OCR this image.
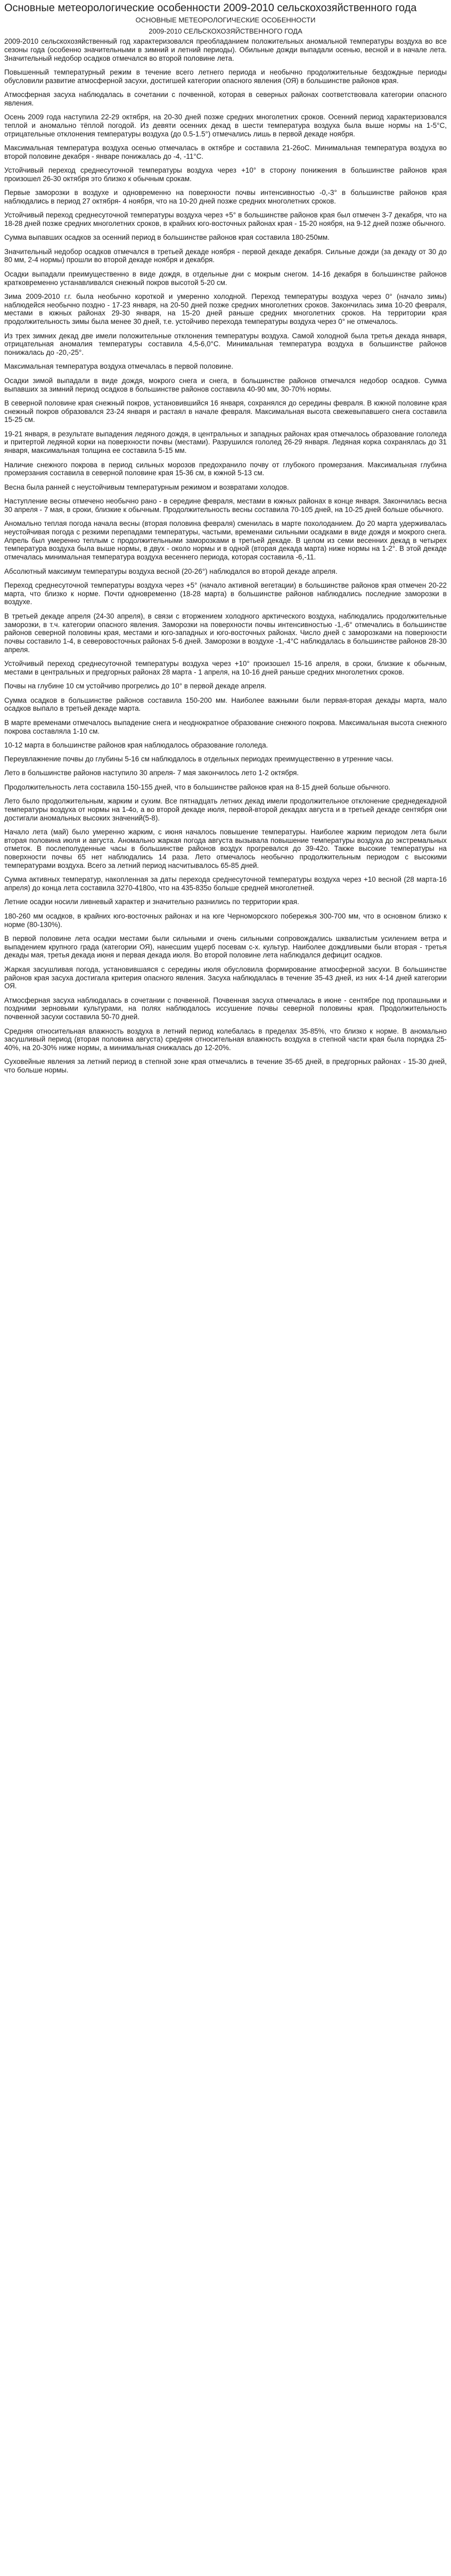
Основные метеорологические особенности 2009-2010 сельскохозяйственного года
ОСНОВНЫЕ МЕТЕОРОЛОГИЧЕСКИЕ ОСОБЕННОСТИ
2009-2010 СЕЛЬСКОХОЗЯЙСТВЕННОГО ГОДА

2009-2010 сельскохозяйственный год характеризовался преобладанием положительных аномальной температуры воздуха во все сезоны года (особенно значительными в зимний и летний периоды). Обильные дожди выпадали осенью, весной и в начале лета. Значительный недобор осадков отмечался во второй половине лета.

Повышенный температурный режим в течение всего летнего периода и необычно продолжительные бездождные периоды обусловили развитие атмосферной засухи, достигшей категории опасного явления (ОЯ) в большинстве районов края.

Атмосферная засуха наблюдалась в сочетании с почвенной, которая в северных районах соответствовала категории опасного явления.

Осень 2009 года наступила 22-29 октября, на 20-30 дней позже средних многолетних сроков. Осенний период характеризовался теплой и аномально тёплой погодой. Из девяти осенних декад в шести температура воздуха была выше нормы на 1-5°С, отрицательные отклонения температуры воздуха (до 0.5-1.5°) отмечались лишь в первой декаде ноября.

Максимальная температура воздуха осенью отмечалась в октябре и составила 21-26оС. Минимальная температура воздуха во второй половине декабря - январе понижалась до -4, -11°С.

Устойчивый переход среднесуточной температуры воздуха через +10° в сторону понижения в большинстве районов края произошел 26-30 октября это близко к обычным срокам.

Первые заморозки в воздухе и одновременно на поверхности почвы интенсивностью -0,-3° в большинстве районов края наблюдались в период 27 октября- 4 ноября, что на 10-20 дней позже средних многолетних сроков.

Устойчивый переход среднесуточной температуры воздуха через +5° в большинстве районов края был отмечен 3-7 декабря, что на 18-28 дней позже средних многолетних сроков, в крайних юго-восточных районах края - 15-20 ноября, на 9-12 дней позже обычного.

Сумма выпавших осадков за осенний период в большинстве районов края составила 180-250мм.

Значительный недобор осадков отмечался в третьей декаде ноября - первой декаде декабря. Сильные дожди (за декаду от 30 до 80 мм, 2-4 нормы) прошли во второй декаде ноября и декабря.

Осадки выпадали преимущественно в виде дождя, в отдельные дни с мокрым снегом. 14-16 декабря в большинстве районов кратковременно устанавливался снежный покров высотой 5-20 см.

Зима 2009-2010 г.г. была необычно короткой и умеренно холодной. Переход температуры воздуха через 0° (начало зимы) наблюдейся необычно поздно - 17-23 января, на 20-50 дней позже средних многолетних сроков. Закончилась зима 10-20 февраля, местами в южных районах 29-30 января, на 15-20 дней раньше средних многолетних сроков. На территории края продолжительность зимы была менее 30 дней, т.е. устойчиво перехода температуры воздуха через 0° не отмечалось.

Из трех зимних декад две имели положительные отклонения температуры воздуха. Самой холодной была третья декада января, отрицательная аномалия температуры составила 4,5-6,0°С. Минимальная температура воздуха в большинстве районов понижалась до -20,-25°.

Максимальная температура воздуха отмечалась в первой половине.

Осадки зимой выпадали в виде дождя, мокрого снега и снега, в большинстве районов отмечался недобор осадков. Сумма выпавших за зимний период осадков в большинстве районов составила 40-90 мм, 30-70% нормы.

В северной половине края снежный покров, установившийся 16 января, сохранялся до середины февраля. В южной половине края снежный покров образовался 23-24 января и растаял в начале февраля. Максимальная высота свежевыпавшего снега составила 15-25 см.

19-21 января, в результате выпадения ледяного дождя, в центральных и западных районах края отмечалось образование гололеда и притертой ледяной корки на поверхности почвы (местами). Разрушился гололед 26-29 января. Ледяная корка сохранялась до 31 января, максимальная толщина ее составила 5-15 мм.

Наличие снежного покрова в период сильных морозов предохранило почву от глубокого промерзания. Максимальная глубина промерзания составила в северной половине края 15-36 см, в южной 5-13 см.

Весна была ранней с неустойчивым температурным режимом и возвратами холодов.

Наступление весны отмечено необычно рано - в середине февраля, местами в южных районах в конце января. Закончилась весна 30 апреля - 7 мая, в сроки, близкие к обычным. Продолжительность весны составила 70-105 дней, на 10-25 дней больше обычного.

Аномально теплая погода начала весны (вторая половина февраля) сменилась в марте похолоданием. До 20 марта удерживалась неустойчивая погода с резкими перепадами температуры, частыми, временами сильными осадками в виде дождя и мокрого снега. Апрель был умеренно теплым с продолжительными заморозками в третьей декаде. В целом из семи весенних декад в четырех температура воздуха была выше нормы, в двух - около нормы и в одной (вторая декада марта) ниже нормы на 1-2°. В этой декаде отмечалась минимальная температура воздуха весеннего периода, которая составила -6,-11.

Абсолютный максимум температуры воздуха весной (20-26°) наблюдался во второй декаде апреля.

Переход среднесуточной температуры воздуха через +5° (начало активной вегетации) в большинстве районов края отмечен 20-22 марта, что близко к норме. Почти одновременно (18-28 марта) в большинстве районов наблюдались последние заморозки в воздухе.

В третьей декаде апреля (24-30 апреля), в связи с вторжением холодного арктического воздуха, наблюдались продолжительные заморозки, в т.ч. категории опасного явления. Заморозки на поверхности почвы интенсивностью -1,-6° отмечались в большинстве районов северной половины края, местами и юго-западных и юго-восточных районах. Число дней с заморозками на поверхности почвы составило 1-4, в северовосточных районах 5-6 дней. Заморозки в воздухе -1,-4°С наблюдалась в большинстве районов 28-30 апреля.

Устойчивый переход среднесуточной температуры воздуха через +10° произошел 15-16 апреля, в сроки, близкие к обычным, местами в центральных и предгорных районах 28 марта - 1 апреля, на 10-16 дней раньше средних многолетних сроков.

Почвы на глубине 10 см устойчиво прогрелись до 10° в первой декаде апреля.

Сумма осадков в большинстве районов составила 150-200 мм. Наиболее важными были первая-вторая декады марта, мало осадков выпало в третьей декаде марта.

В марте временами отмечалось выпадение снега и неоднократное образование снежного покрова. Максимальная высота снежного покрова составляла 1-10 см.

10-12 марта в большинстве районов края наблюдалось образование гололеда.

Переувлажнение почвы до глубины 5-16 см наблюдалось в отдельных периодах преимущественно в утренние часы.

Лето в большинстве районов наступило 30 апреля- 7 мая закончилось лето 1-2 октября.

Продолжительность лета составила 150-155 дней, что в большинстве районов края на 8-15 дней больше обычного.

Лето было продолжительным, жарким и сухим. Все пятнадцать летних декад имели продолжительное отклонение среднедекадной температуры воздуха от нормы на 1-4о, а во второй декаде июля, первой-второй декадах августа и в третьей декаде сентября они достигали аномальных высоких значений(5-8).

Начало лета (май) было умеренно жарким, с июня началось повышение температуры. Наиболее жарким периодом лета были вторая половина июля и августа. Аномально жаркая погода августа вызывала повышение температуры воздуха до экстремальных отметок. В послеполуденные часы в большинстве районов воздух прогревался до 39-42о. Также высокие температуры на поверхности почвы 65 нет наблюдались 14 раза. Лето отмечалось необычно продолжительным периодом с высокими температурами воздуха. Всего за летний период насчитывалось 65-85 дней.

Сумма активных температур, накопленная за даты перехода среднесуточной температуры воздуха через +10 весной (28 марта-16 апреля) до конца лета составила 3270-4180о, что на 435-835о больше средней многолетней.

Летние осадки носили ливневый характер и значительно разнились по территории края.

180-260 мм осадков, в крайних юго-восточных районах и на юге Черноморского побережья 300-700 мм, что в основном близко к норме (80-130%).

В первой половине лета осадки местами были сильными и очень сильными сопровождались шквалистым усилением ветра и выпадением крупного града (категории ОЯ), нанесшим ущерб посевам с-х. культур. Наиболее дождливыми были вторая - третья декады мая, третья декада июня и первая декада июля. Во второй половине лета наблюдался дефицит осадков.

Жаркая засушливая погода, установившаяся с середины июля обусловила формирование атмосферной засухи. В большинстве районов края засуха достигала критерия опасного явления. Засуха наблюдалась в течение 35-43 дней, из них 4-14 дней категории ОЯ.

Атмосферная засуха наблюдалась в сочетании с почвенной. Почвенная засуха отмечалась в июне - сентябре под пропашными и поздними зерновыми культурами, на полях наблюдалось иссушение почвы северной половины края. Продолжительность почвенной засухи составила 50-70 дней.

Средняя относительная влажность воздуха в летний период колебалась в пределах 35-85%, что близко к норме. В аномально засушливый период (вторая половина августа) средняя относительная влажность воздуха в степной части края была порядка 25-40%, на 20-30% ниже нормы, а минимальная снижалась до 12-20%.

Суховейные явления за летний период в степной зоне края отмечались в течение 35-65 дней, в предгорных районах - 15-30 дней, что больше нормы.
